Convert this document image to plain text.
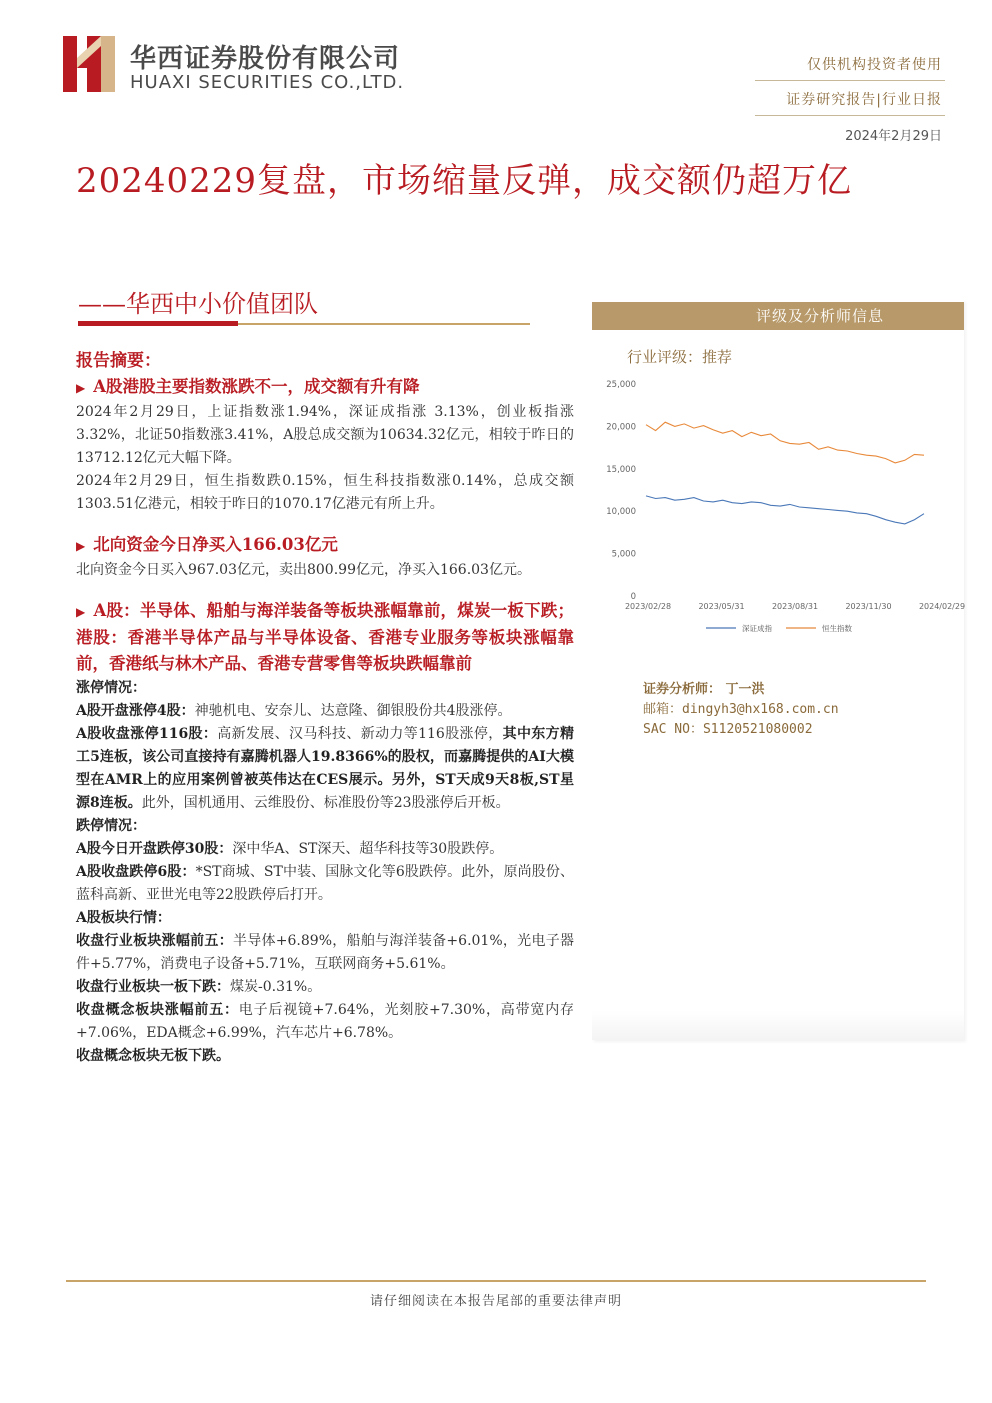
华西证券股份有限公司
HUAXI SECURITIES CO.,LTD.
仅供机构投资者使用
证券研究报告|行业日报
2024年2月29日
20240229复盘，市场缩量反弹，成交额仍超万亿
——华西中小价值团队
报告摘要：
▶ A股港股主要指数涨跌不一，成交额有升有降
2024年2月29日，上证指数涨1.94%，深证成指涨 3.13%，创业板指涨3.32%，北证50指数涨3.41%，A股总成交额为10634.32亿元，相较于昨日的13712.12亿元大幅下降。
2024年2月29日，恒生指数跌0.15%，恒生科技指数涨0.14%，总成交额1303.51亿港元，相较于昨日的1070.17亿港元有所上升。
▶ 北向资金今日净买入166.03亿元
北向资金今日买入967.03亿元，卖出800.99亿元，净买入166.03亿元。
▶ A股：半导体、船舶与海洋装备等板块涨幅靠前，煤炭一板下跌；港股：香港半导体产品与半导体设备、香港专业服务等板块涨幅靠前，香港纸与林木产品、香港专营零售等板块跌幅靠前
涨停情况：
A股开盘涨停4股：神驰机电、安奈儿、达意隆、御银股份共4股涨停。
A股收盘涨停116股：高新发展、汉马科技、新动力等116股涨停，其中东方精工5连板，该公司直接持有嘉腾机器人19.8366%的股权，而嘉腾提供的AI大模型在AMR上的应用案例曾被英伟达在CES展示。另外，ST天成9天8板,ST星源8连板。此外，国机通用、云维股份、标准股份等23股涨停后开板。
跌停情况：
A股今日开盘跌停30股：深中华A、ST深天、超华科技等30股跌停。
A股收盘跌停6股：*ST商城、ST中装、国脉文化等6股跌停。此外，原尚股份、蓝科高新、亚世光电等22股跌停后打开。
A股板块行情：
收盘行业板块涨幅前五：半导体+6.89%，船舶与海洋装备+6.01%，光电子器件+5.77%，消费电子设备+5.71%，互联网商务+5.61%。
收盘行业板块一板下跌：煤炭-0.31%。
收盘概念板块涨幅前五：电子后视镜+7.64%，光刻胶+7.30%，高带宽内存+7.06%，EDA概念+6.99%，汽车芯片+6.78%。
收盘概念板块无板下跌。
评级及分析师信息
行业评级：推荐
25,000
20,000
15,000
10,000
5,000
0
2023/02/28	2023/05/31	2023/08/31	2023/11/30	2024/02/29
深证成指	恒生指数
证券分析师： 丁一洪
邮箱：dingyh3@hx168.com.cn
SAC NO：S1120521080002
请仔细阅读在本报告尾部的重要法律声明
